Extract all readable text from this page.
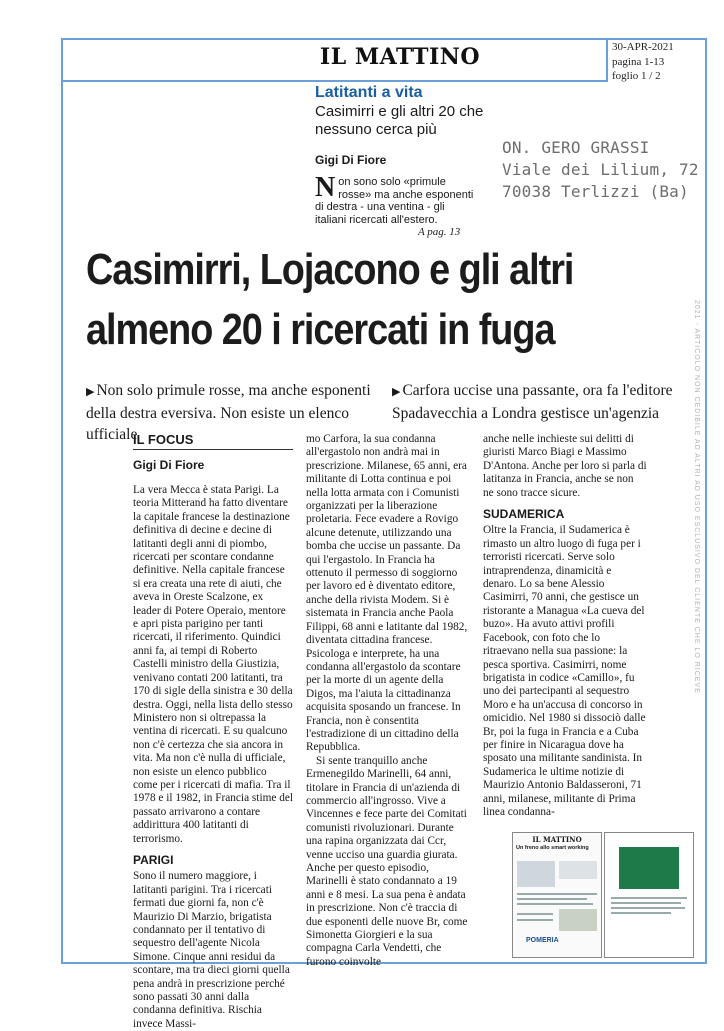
IL MATTINO	30-APR-2021
pagina 1-13
foglio 1 / 2
ON. GERO GRASSI
Viale dei Lilium, 72
70038 Terlizzi (Ba)
Latitanti a vita
Casimirri e gli altri 20 che nessuno cerca più
Gigi Di Fiore
Non sono solo «primule rosse» ma anche esponenti di destra - una ventina - gli italiani ricercati all'estero.
A pag. 13
Casimirri, Lojacono e gli altri
almeno 20 i ricercati in fuga
▶ Non solo primule rosse, ma anche esponenti della destra eversiva. Non esiste un elenco ufficiale
▶ Carfora uccise una passante, ora fa l'editore Spadavecchia a Londra gestisce un'agenzia
IL FOCUS
Gigi Di Fiore

La vera Mecca è stata Parigi. La teoria Mitterand ha fatto diventare la capitale francese la destinazione definitiva di decine e decine di latitanti degli anni di piombo, ricercati per scontare condanne definitive. Nella capitale francese si era creata una rete di aiuti, che aveva in Oreste Scalzone, ex leader di Potere Operaio, mentore e apri pista parigino per tanti ricercati, il riferimento. Quindici anni fa, ai tempi di Roberto Castelli ministro della Giustizia, venivano contati 200 latitanti, tra 170 di sigle della sinistra e 30 della destra. Oggi, nella lista dello stesso Ministero non si oltrepassa la ventina di ricercati. E su qualcuno non c'è certezza che sia ancora in vita. Ma non c'è nulla di ufficiale, non esiste un elenco pubblico come per i ricercati di mafia. Tra il 1978 e il 1982, in Francia stime del passato arrivarono a contare addirittura 400 latitanti di terrorismo.

PARIGI

Sono il numero maggiore, i latitanti parigini. Tra i ricercati fermati due giorni fa, non c'è Maurizio Di Marzio, brigatista condannato per il tentativo di sequestro dell'agente Nicola Simone. Cinque anni residui da scontare, ma tra dieci giorni quella pena andrà in prescrizione perché sono passati 30 anni dalla condanna definitiva. Rischia invece Massi-

mo Carfora, la sua condanna all'ergastolo non andrà mai in prescrizione. Milanese, 65 anni, era militante di Lotta continua e poi nella lotta armata con i Comunisti organizzati per la liberazione proletaria. Fece evadere a Rovigo alcune detenute, utilizzando una bomba che uccise un passante. Da qui l'ergastolo. In Francia ha ottenuto il permesso di soggiorno per lavoro ed è diventato editore, anche della rivista Modem. Si è sistemata in Francia anche Paola Filippi, 68 anni e latitante dal 1982, diventata cittadina francese. Psicologa e interprete, ha una condanna all'ergastolo da scontare per la morte di un agente della Digos, ma l'aiuta la cittadinanza acquisita sposando un francese. In Francia, non è consentita l'estradizione di un cittadino della Repubblica.

Si sente tranquillo anche Ermenegildo Marinelli, 64 anni, titolare in Francia di un'azienda di commercio all'ingrosso. Vive a Vincennes e fece parte dei Comitati comunisti rivoluzionari. Durante una rapina organizzata dai Ccr, venne ucciso una guardia giurata. Anche per questo episodio, Marinelli è stato condannato a 19 anni e 8 mesi. La sua pena è andata in prescrizione. Non c'è traccia di due esponenti delle nuove Br, come Simonetta Giorgieri e la sua compagna Carla Vendetti, che furono coinvolte

anche nelle inchieste sui delitti di giuristi Marco Biagi e Massimo D'Antona. Anche per loro si parla di latitanza in Francia, anche se non ne sono tracce sicure.

SUDAMERICA

Oltre la Francia, il Sudamerica è rimasto un altro luogo di fuga per i terroristi ricercati. Serve solo intraprendenza, dinamicità e denaro. Lo sa bene Alessio Casimirri, 70 anni, che gestisce un ristorante a Managua «La cueva del buzo». Ha avuto attivi profili Facebook, con foto che lo ritraevano nella sua passione: la pesca sportiva. Casimirri, nome brigatista in codice «Camillo», fu uno dei partecipanti al sequestro Moro e ha un'accusa di concorso in omicidio. Nel 1980 si dissociò dalle Br, poi la fuga in Francia e a Cuba per finire in Nicaragua dove ha sposato una militante sandinista. In Sudamerica le ultime notizie di Maurizio Antonio Baldasseroni, 71 anni, milanese, militante di Prima linea condanna-

IL MATTINO
Un freno allo smart working
POMERIA
2021 - ARTICOLO NON CEDIBILE AD ALTRI AD USO ESCLUSIVO DEL CLIENTE CHE LO RICEVE
